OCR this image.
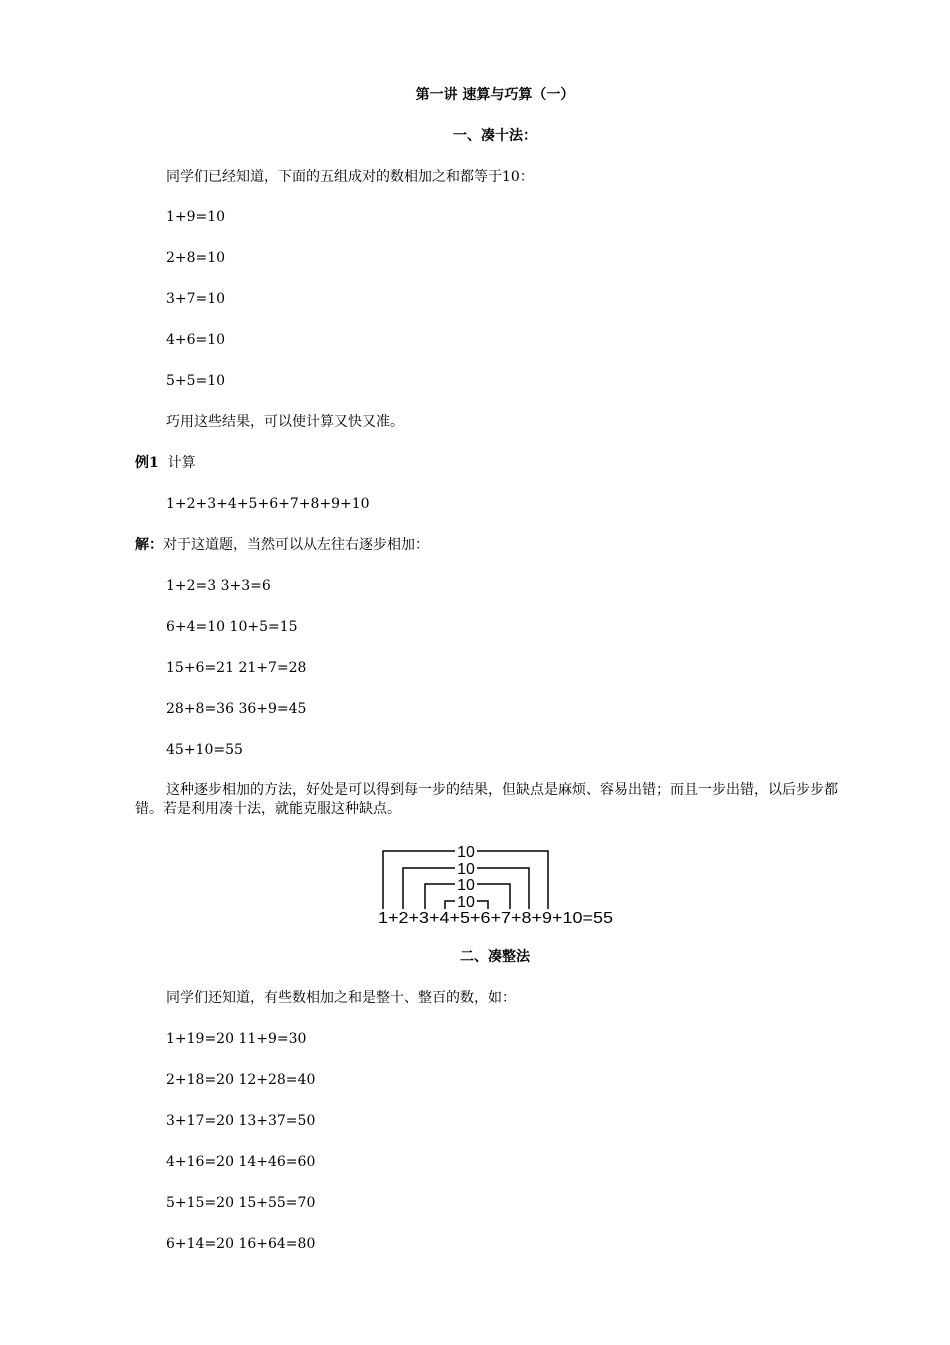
第一讲 速算与巧算（一）
一、凑十法：
同学们已经知道，下面的五组成对的数相加之和都等于10：
1+9=10
2+8=10
3+7=10
4+6=10
5+5=10
巧用这些结果，可以使计算又快又准。
例1 计算
1+2+3+4+5+6+7+8+9+10
解：对于这道题，当然可以从左往右逐步相加：
1+2=3 3+3=6
6+4=10 10+5=15
15+6=21 21+7=28
28+8=36 36+9=45
45+10=55
这种逐步相加的方法，好处是可以得到每一步的结果，但缺点是麻烦、容易出错；而且一步出错，以后步步都错。若是利用凑十法，就能克服这种缺点。
10
10
10
10
1+2+3+4+5+6+7+8+9+10=55
二、凑整法
同学们还知道，有些数相加之和是整十、整百的数，如：
1+19=20 11+9=30
2+18=20 12+28=40
3+17=20 13+37=50
4+16=20 14+46=60
5+15=20 15+55=70
6+14=20 16+64=80
